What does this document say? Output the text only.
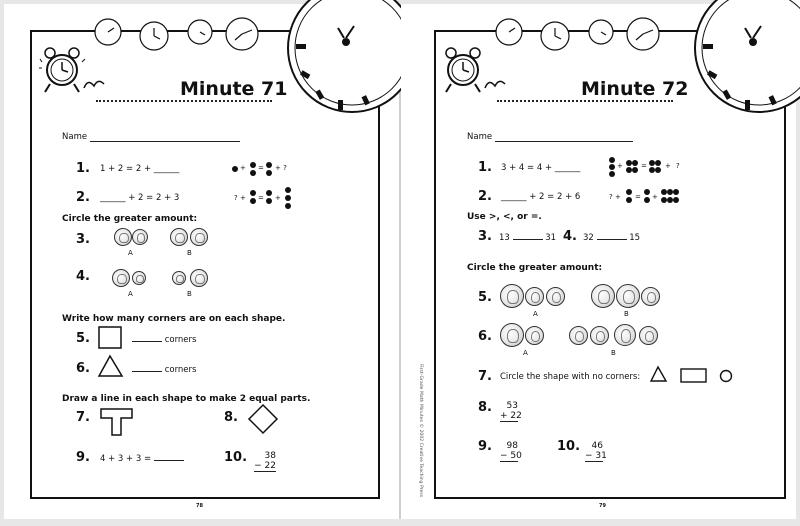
Minute 71
Name
1. 1 + 2 = 2 + ______	+ = + ?
2. ______ + 2 = 2 + 3	? + = +
Circle the greater amount:
3.
A	B
4.
A	B
Write how many corners are on each shape.
5.	corners
6.	corners
Draw a line in each shape to make 2 equal parts.
7.	8.
9. 4 + 3 + 3 =	10.	38
− 22
78
First-Grade Math Minutes © 2002 Creative Teaching Press
Minute 72
Name
1. 3 + 4 = 4 + ______	+	=	+ ?
2. ______ + 2 = 2 + 6	? + = +
Use >, <, or =.
3. 13	31 4. 32	15
Circle the greater amount:
5.
A	B
6.
A	B
7. Circle the shape with no corners:
8.	53
+ 22
9.	98
− 50
10.	46
− 31
79
